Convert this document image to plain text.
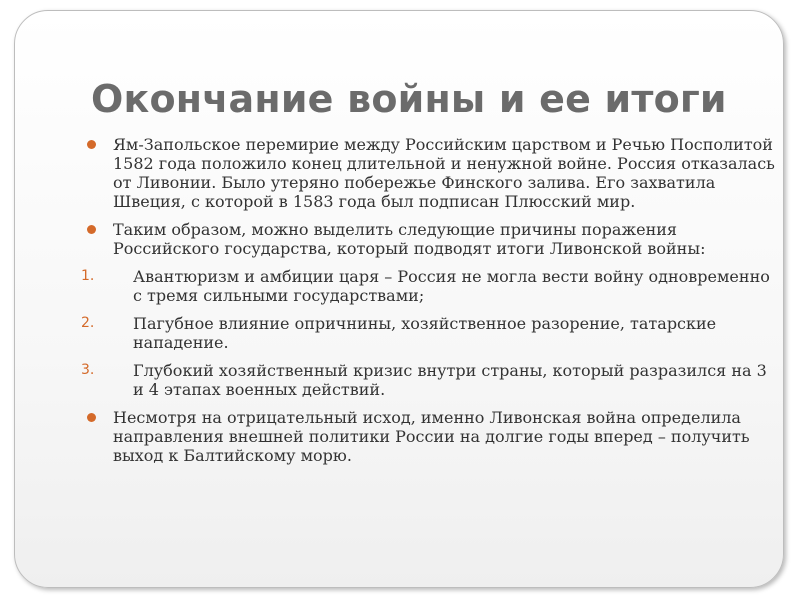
Окончание войны и ее итоги
Ям-Запольское перемирие между Российским царством и Речью Посполитой 1582 года положило конец длительной и ненужной войне. Россия отказалась от Ливонии. Было утеряно побережье Финского залива. Его захватила Швеция, с которой в 1583 года был подписан Плюсский мир.
Таким образом, можно выделить следующие причины поражения Российского государства, который подводят итоги Ливонской войны:
1. Авантюризм и амбиции царя – Россия не могла вести войну одновременно с тремя сильными государствами;
2. Пагубное влияние опричнины, хозяйственное разорение, татарские нападение.
3. Глубокий хозяйственный кризис внутри страны, который разразился на 3 и 4 этапах военных действий.
Несмотря на отрицательный исход, именно Ливонская война определила направления внешней политики России на долгие годы вперед – получить выход к Балтийскому морю.
